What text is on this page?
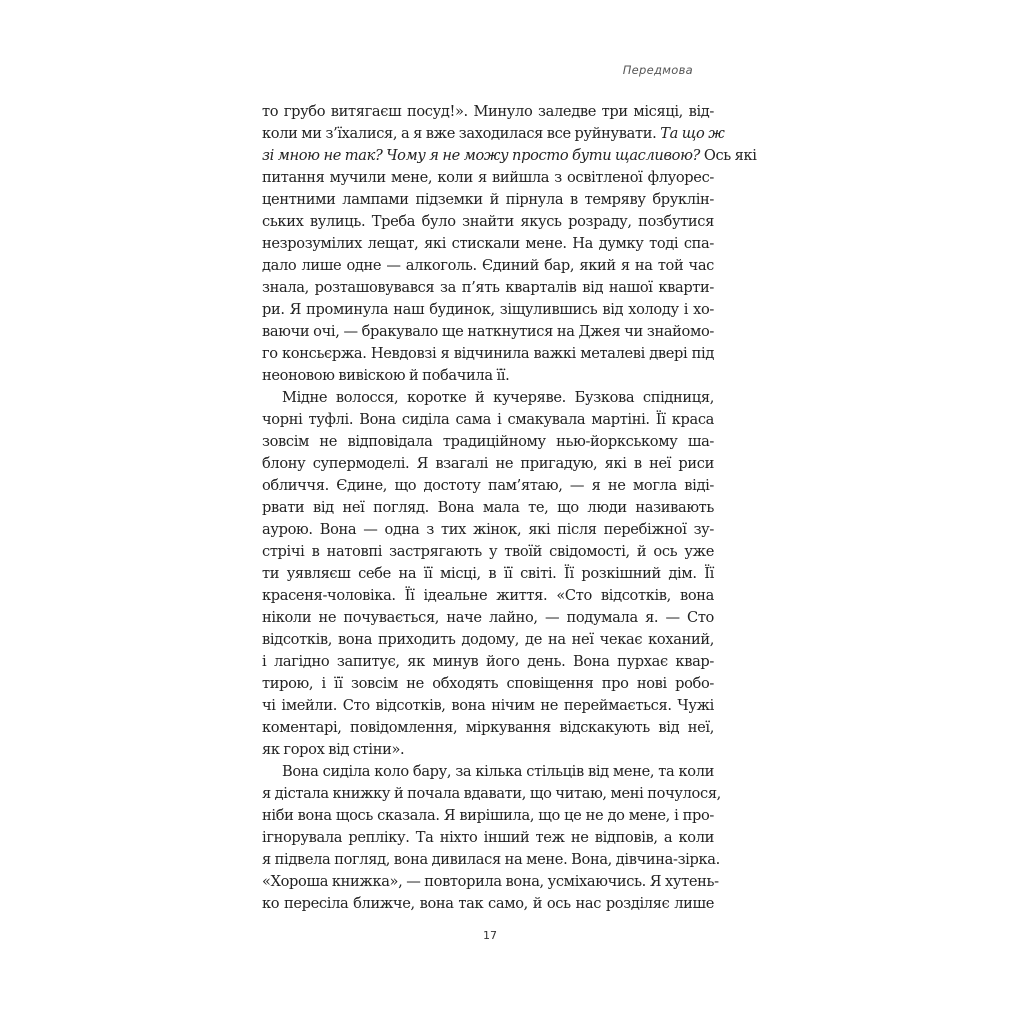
Передмова
то грубо витягаєш посуд!». Минуло заледве три місяці, від-
коли ми з’їхалися, а я вже заходилася все руйнувати. Та що ж
зі мною не так? Чому я не можу просто бути щасливою? Ось які
питання мучили мене, коли я вийшла з освітленої флуорес-
центними лампами підземки й пірнула в темряву бруклін-
ських вулиць. Треба було знайти якусь розраду, позбутися
незрозумілих лещат, які стискали мене. На думку тоді спа-
дало лише одне — алкоголь. Єдиний бар, який я на той час
знала, розташовувався за п’ять кварталів від нашої кварти-
ри. Я проминула наш будинок, зіщулившись від холоду і хо-
ваючи очі, — бракувало ще наткнутися на Джея чи знайомо-
го консьєржа. Невдовзі я відчинила важкі металеві двері під
неоновою вивіскою й побачила її.
Мідне волосся, коротке й кучеряве. Бузкова спідниця,
чорні туфлі. Вона сиділа сама і смакувала мартіні. Її краса
зовсім не відповідала традиційному нью-йоркському ша-
блону супермоделі. Я взагалі не пригадую, які в неї риси
обличчя. Єдине, що достоту пам’ятаю, — я не могла віді-
рвати від неї погляд. Вона мала те, що люди називають
аурою. Вона — одна з тих жінок, які після перебіжної зу-
стрічі в натовпі застрягають у твоїй свідомості, й ось уже
ти уявляєш себе на її місці, в її світі. Її розкішний дім. Її
красеня-чоловіка. Її ідеальне життя. «Сто відсотків, вона
ніколи не почувається, наче лайно, — подумала я. — Сто
відсотків, вона приходить додому, де на неї чекає коханий,
і лагідно запитує, як минув його день. Вона пурхає квар-
тирою, і її зовсім не обходять сповіщення про нові робо-
чі імейли. Сто відсотків, вона нічим не переймається. Чужі
коментарі, повідомлення, міркування відскакують від неї,
як горох від стіни».
Вона сиділа коло бару, за кілька стільців від мене, та коли
я дістала книжку й почала вдавати, що читаю, мені почулося,
ніби вона щось сказала. Я вирішила, що це не до мене, і про-
ігнорувала репліку. Та ніхто інший теж не відповів, а коли
я підвела погляд, вона дивилася на мене. Вона, дівчина-зірка.
«Хороша книжка», — повторила вона, усміхаючись. Я хутень-
ко пересіла ближче, вона так само, й ось нас розділяє лише
17
